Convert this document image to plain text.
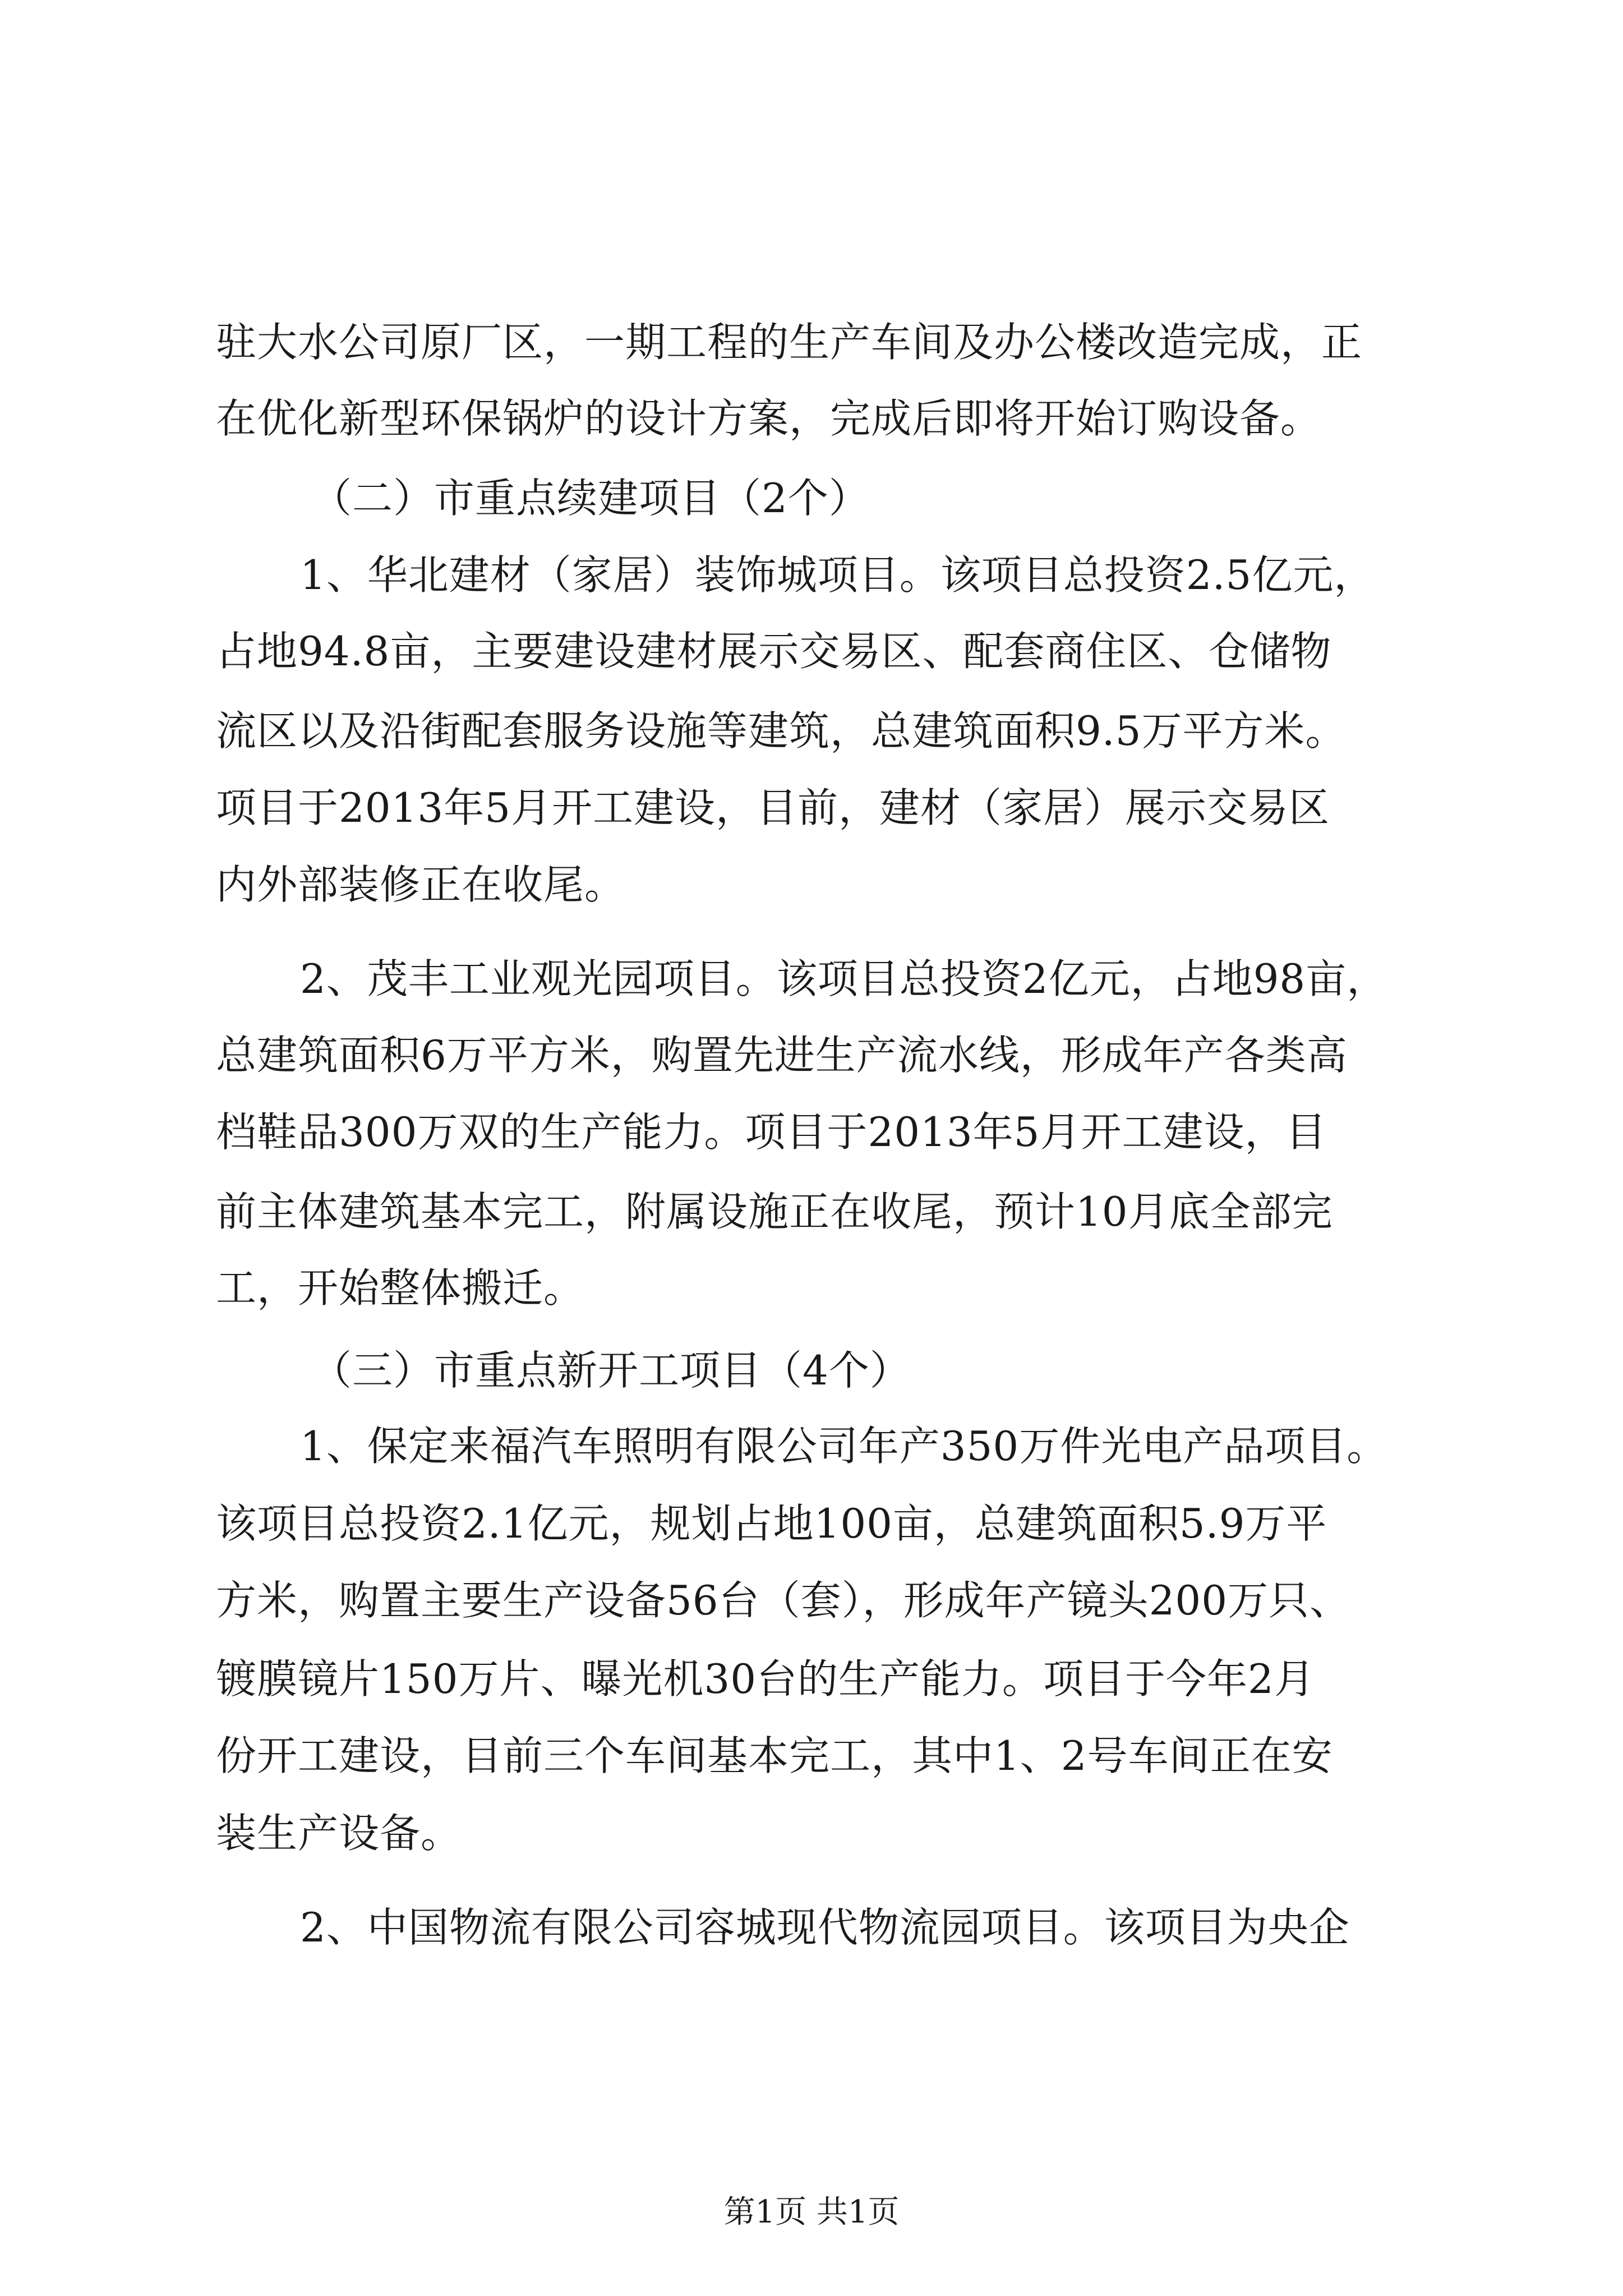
驻大水公司原厂区，一期工程的生产车间及办公楼改造完成，正
在优化新型环保锅炉的设计方案，完成后即将开始订购设备。
（二）市重点续建项目（2个）
1、华北建材（家居）装饰城项目。该项目总投资2.5亿元，
占地94.8亩，主要建设建材展示交易区、配套商住区、仓储物
流区以及沿街配套服务设施等建筑，总建筑面积9.5万平方米。
项目于2013年5月开工建设，目前，建材（家居）展示交易区
内外部装修正在收尾。
2、茂丰工业观光园项目。该项目总投资2亿元，占地98亩，
总建筑面积6万平方米，购置先进生产流水线，形成年产各类高
档鞋品300万双的生产能力。项目于2013年5月开工建设，目
前主体建筑基本完工，附属设施正在收尾，预计10月底全部完
工，开始整体搬迁。
（三）市重点新开工项目（4个）
1、保定来福汽车照明有限公司年产350万件光电产品项目。
该项目总投资2.1亿元，规划占地100亩，总建筑面积5.9万平
方米，购置主要生产设备56台（套），形成年产镜头200万只、
镀膜镜片150万片、曝光机30台的生产能力。项目于今年2月
份开工建设，目前三个车间基本完工，其中1、2号车间正在安
装生产设备。
2、中国物流有限公司容城现代物流园项目。该项目为央企
第1页 共1页
